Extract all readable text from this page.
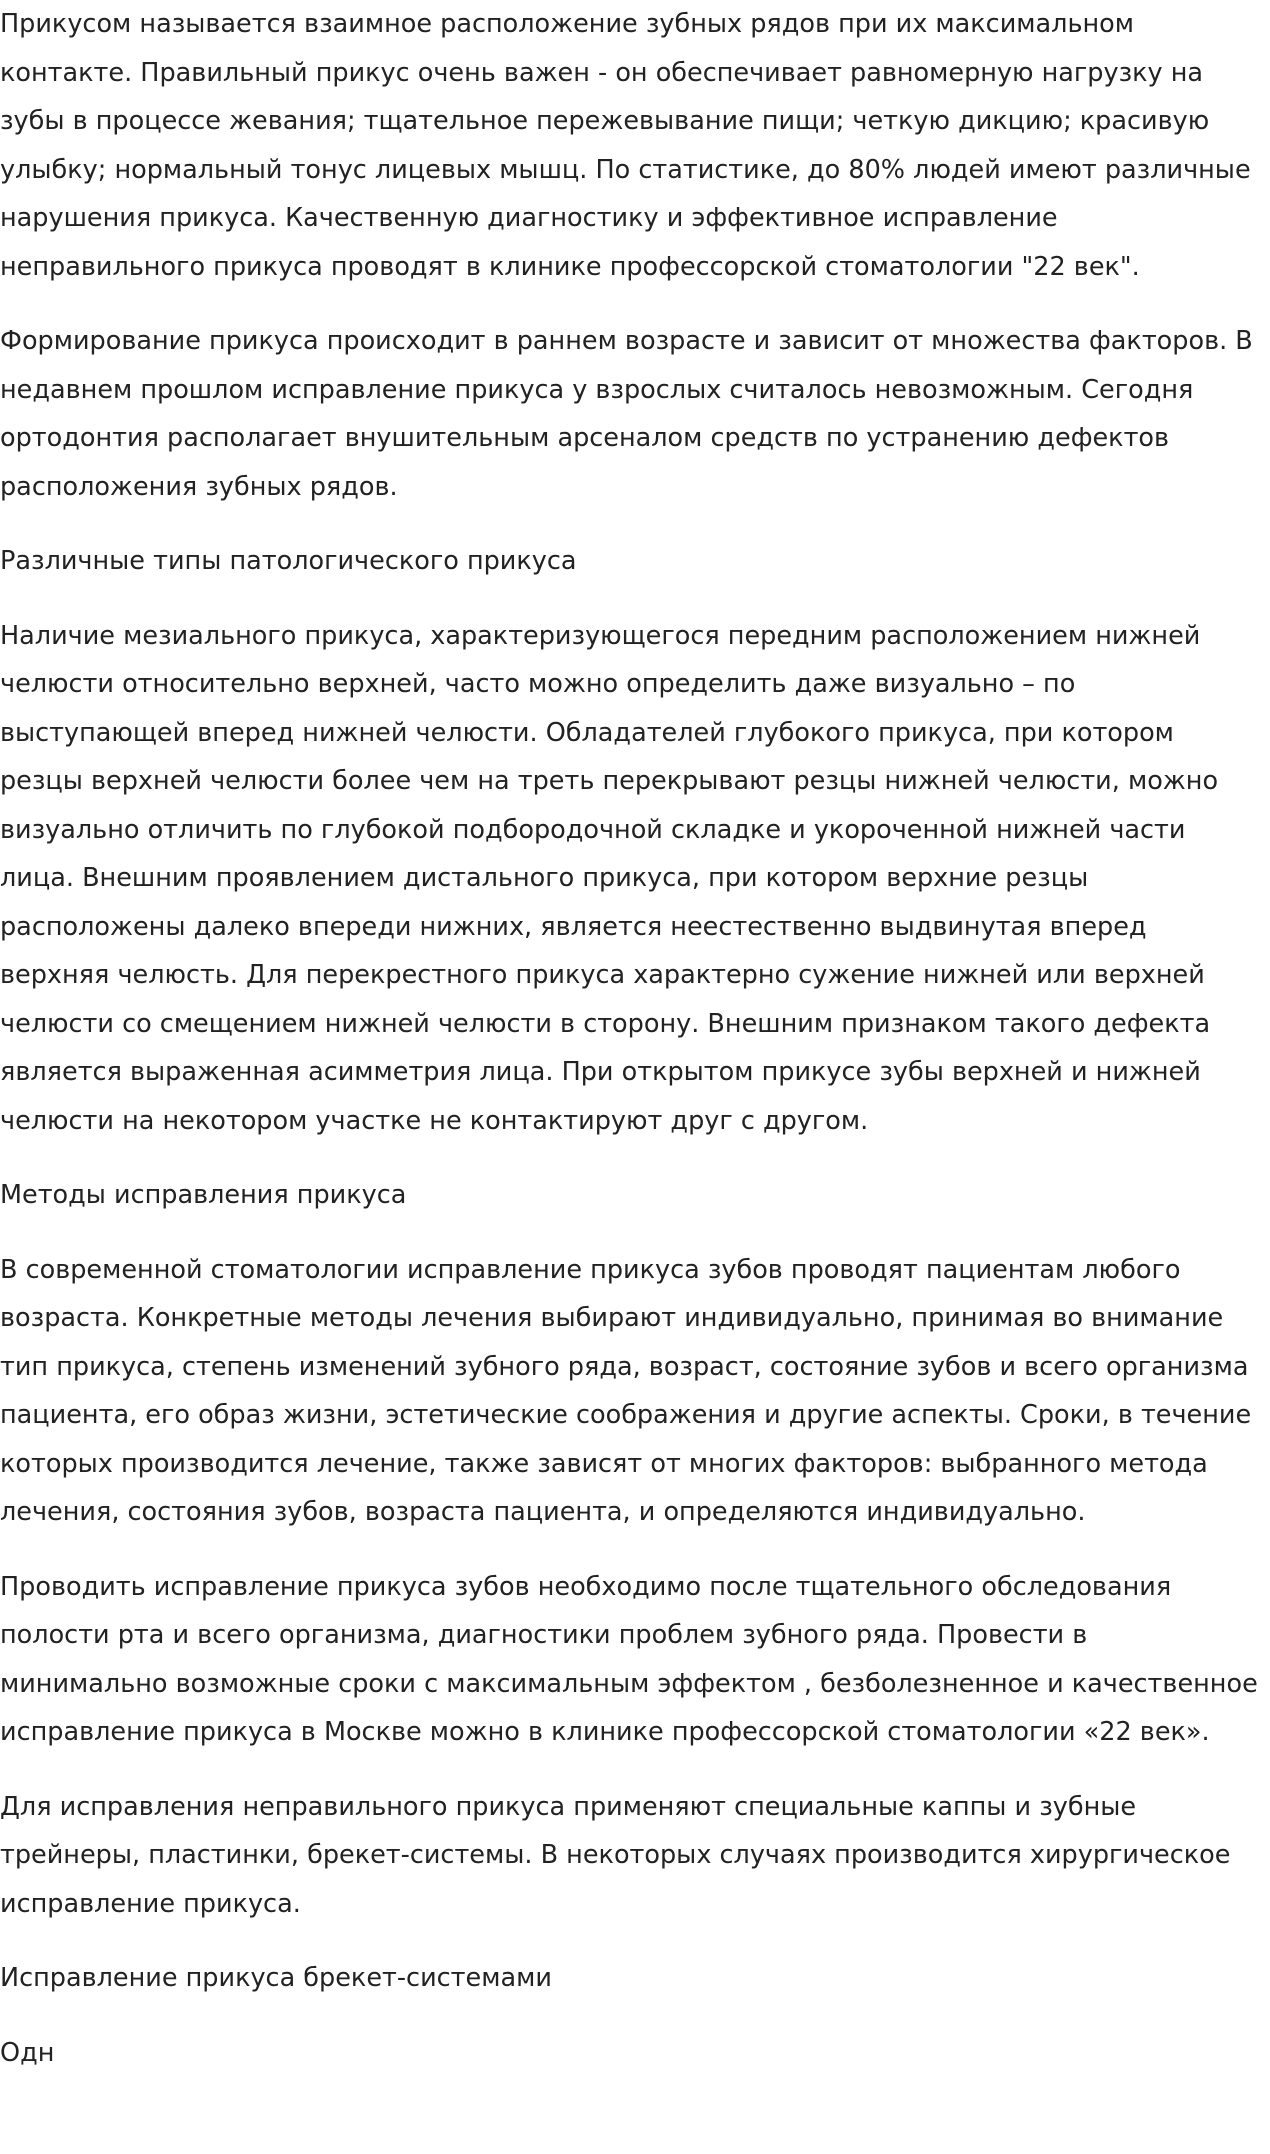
Прикусом называется взаимное расположение зубных рядов при их максимальном контакте. Правильный прикус очень важен - он обеспечивает равномерную нагрузку на зубы в процессе жевания; тщательное пережевывание пищи; четкую дикцию; красивую улыбку; нормальный тонус лицевых мышц. По статистике, до 80% людей имеют различные нарушения прикуса. Качественную диагностику и эффективное исправление неправильного прикуса проводят в клинике профессорской стоматологии "22 век".

Формирование прикуса происходит в раннем возрасте и зависит от множества факторов. В недавнем прошлом исправление прикуса у взрослых считалось невозможным. Сегодня ортодонтия располагает внушительным арсеналом средств по устранению дефектов расположения зубных рядов.

Различные типы патологического прикуса

Наличие мезиального прикуса, характеризующегося передним расположением нижней челюсти относительно верхней, часто можно определить даже визуально – по выступающей вперед нижней челюсти. Обладателей глубокого прикуса, при котором резцы верхней челюсти более чем на треть перекрывают резцы нижней челюсти, можно визуально отличить по глубокой подбородочной складке и укороченной нижней части лица. Внешним проявлением дистального прикуса, при котором верхние резцы расположены далеко впереди нижних, является неестественно выдвинутая вперед верхняя челюсть. Для перекрестного прикуса характерно сужение нижней или верхней челюсти со смещением нижней челюсти в сторону. Внешним признаком такого дефекта является выраженная асимметрия лица. При открытом прикусе зубы верхней и нижней челюсти на некотором участке не контактируют друг с другом.

Методы исправления прикуса

В современной стоматологии исправление прикуса зубов проводят пациентам любого возраста. Конкретные методы лечения выбирают индивидуально, принимая во внимание тип прикуса, степень изменений зубного ряда, возраст, состояние зубов и всего организма пациента, его образ жизни, эстетические соображения и другие аспекты. Сроки, в течение которых производится лечение, также зависят от многих факторов: выбранного метода лечения, состояния зубов, возраста пациента, и определяются индивидуально.

Проводить исправление прикуса зубов необходимо после тщательного обследования полости рта и всего организма, диагностики проблем зубного ряда. Провести в минимально возможные сроки с максимальным эффектом , безболезненное и качественное исправление прикуса в Москве можно в клинике профессорской стоматологии «22 век».

Для исправления неправильного прикуса применяют специальные каппы и зубные трейнеры, пластинки, брекет-системы. В некоторых случаях производится хирургическое исправление прикуса.

Исправление прикуса брекет-системами

Одн
